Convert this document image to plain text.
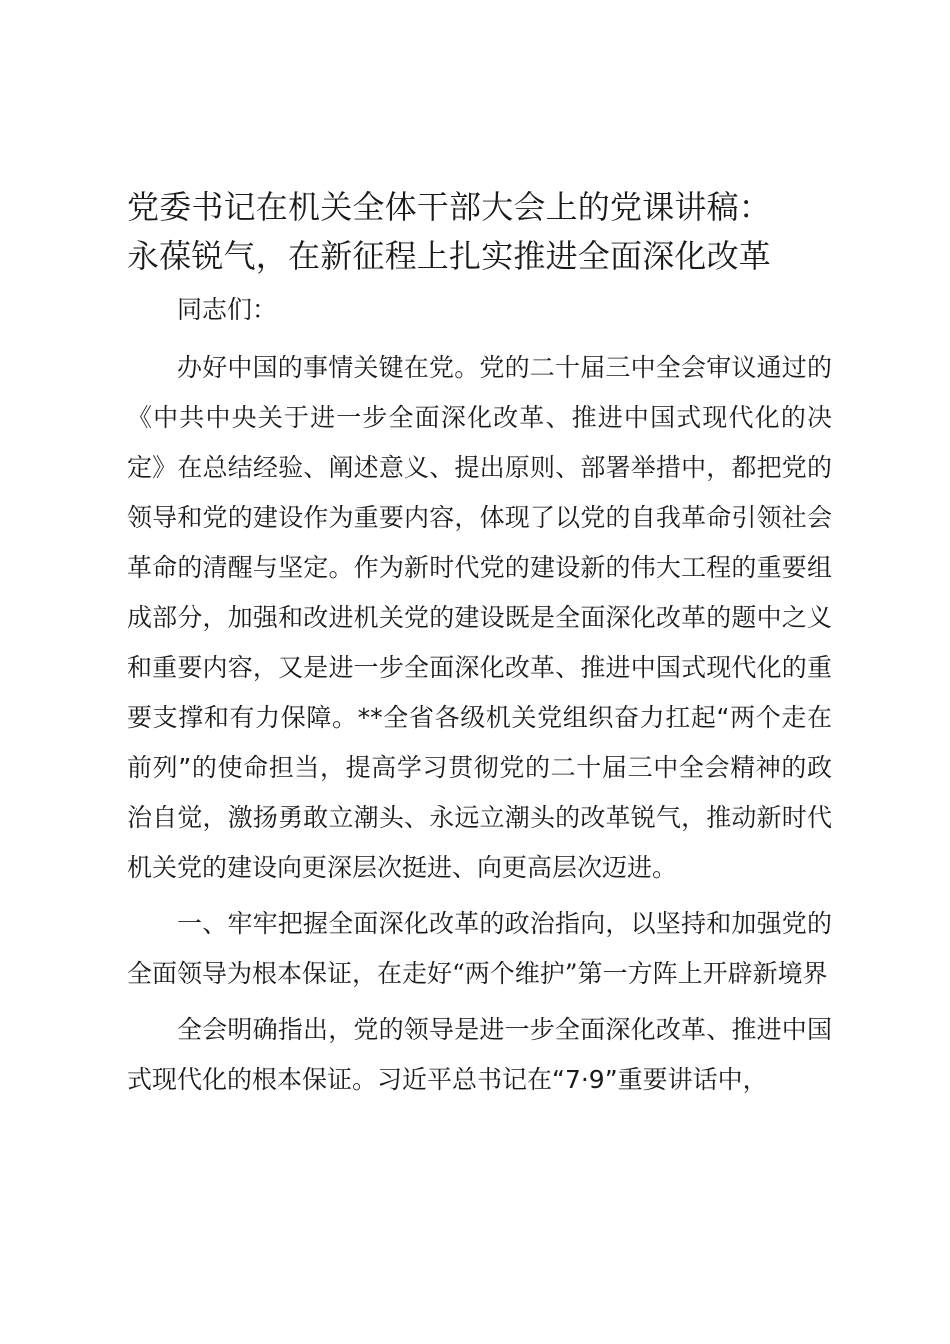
党委书记在机关全体干部大会上的党课讲稿：
永葆锐气，在新征程上扎实推进全面深化改革

同志们：

办好中国的事情关键在党。党的二十届三中全会审议通过的《中共中央关于进一步全面深化改革、推进中国式现代化的决定》在总结经验、阐述意义、提出原则、部署举措中，都把党的领导和党的建设作为重要内容，体现了以党的自我革命引领社会革命的清醒与坚定。作为新时代党的建设新的伟大工程的重要组成部分，加强和改进机关党的建设既是全面深化改革的题中之义和重要内容，又是进一步全面深化改革、推进中国式现代化的重要支撑和有力保障。**全省各级机关党组织奋力扛起“两个走在前列”的使命担当，提高学习贯彻党的二十届三中全会精神的政治自觉，激扬勇敢立潮头、永远立潮头的改革锐气，推动新时代机关党的建设向更深层次挺进、向更高层次迈进。

一、牢牢把握全面深化改革的政治指向，以坚持和加强党的全面领导为根本保证，在走好“两个维护”第一方阵上开辟新境界

全会明确指出，党的领导是进一步全面深化改革、推进中国式现代化的根本保证。习近平总书记在“7·9”重要讲话中，
